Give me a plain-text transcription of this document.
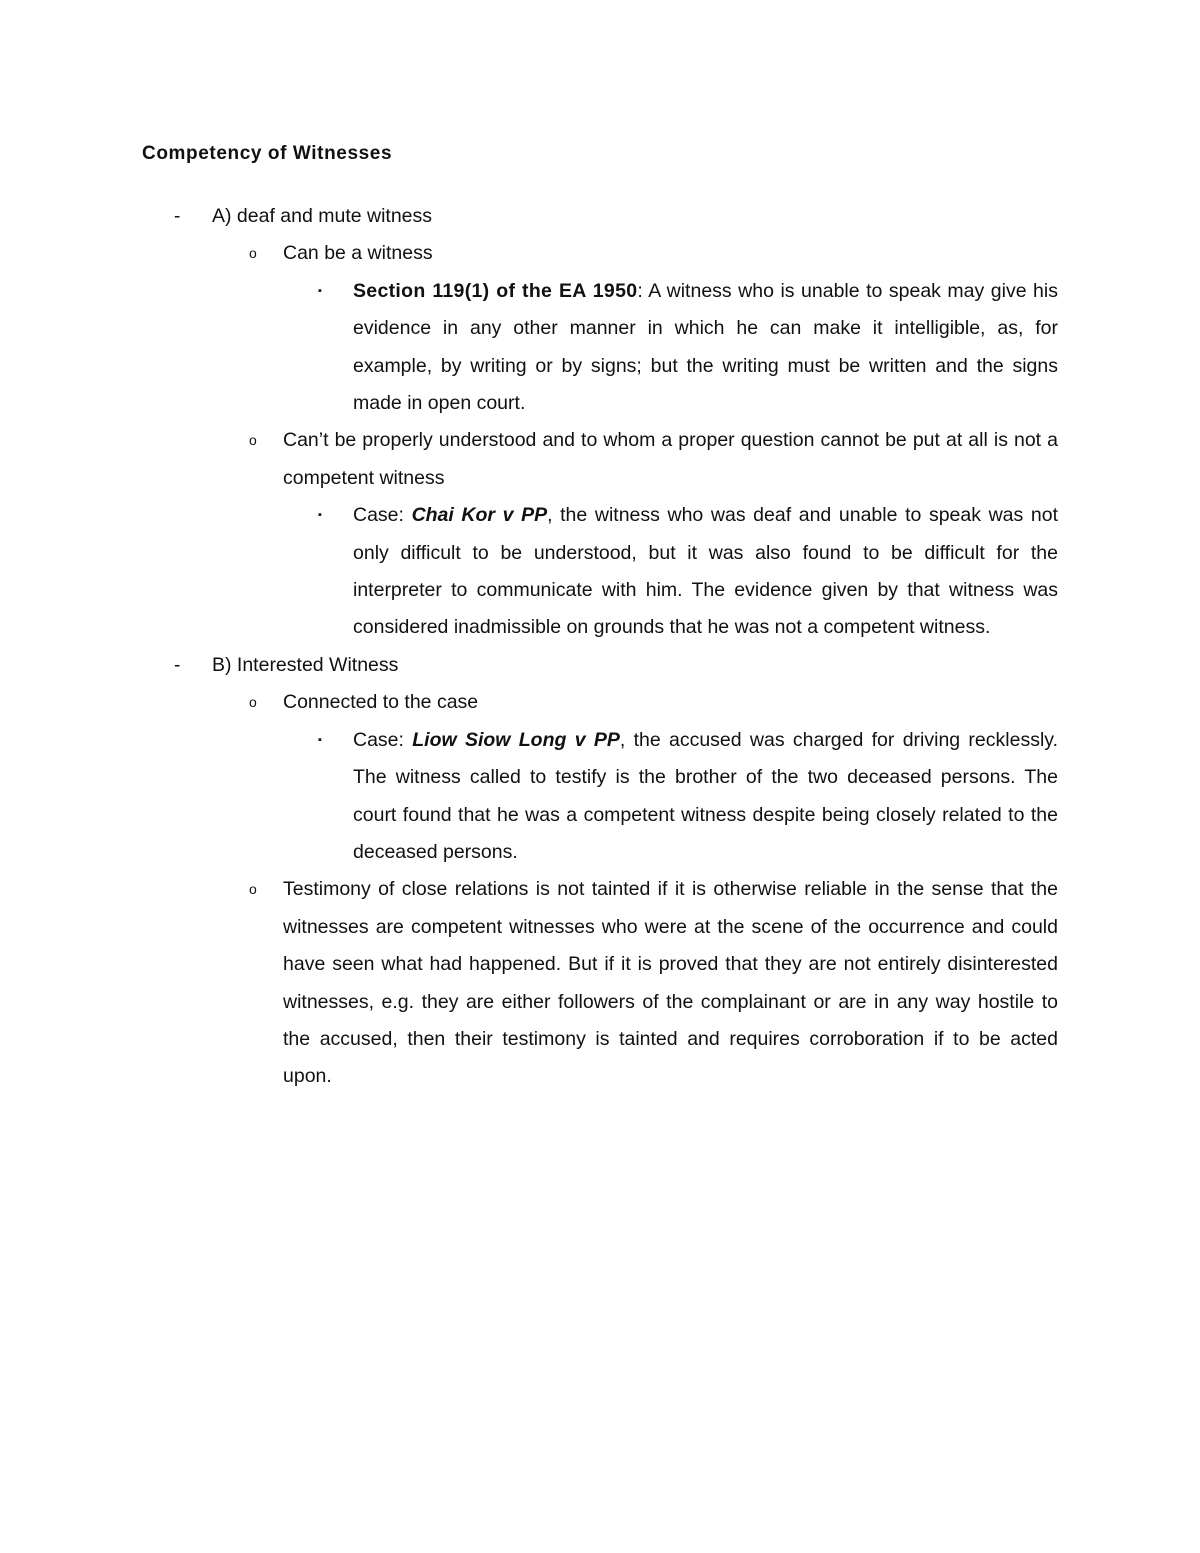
Competency of Witnesses
- A) deaf and mute witness
o Can be a witness
▪ Section 119(1) of the EA 1950: A witness who is unable to speak may give his evidence in any other manner in which he can make it intelligible, as, for example, by writing or by signs; but the writing must be written and the signs made in open court.
o Can’t be properly understood and to whom a proper question cannot be put at all is not a competent witness
▪ Case: Chai Kor v PP, the witness who was deaf and unable to speak was not only difficult to be understood, but it was also found to be difficult for the interpreter to communicate with him. The evidence given by that witness was considered inadmissible on grounds that he was not a competent witness.
- B) Interested Witness
o Connected to the case
▪ Case: Liow Siow Long v PP, the accused was charged for driving recklessly. The witness called to testify is the brother of the two deceased persons. The court found that he was a competent witness despite being closely related to the deceased persons.
o Testimony of close relations is not tainted if it is otherwise reliable in the sense that the witnesses are competent witnesses who were at the scene of the occurrence and could have seen what had happened. But if it is proved that they are not entirely disinterested witnesses, e.g. they are either followers of the complainant or are in any way hostile to the accused, then their testimony is tainted and requires corroboration if to be acted upon.
